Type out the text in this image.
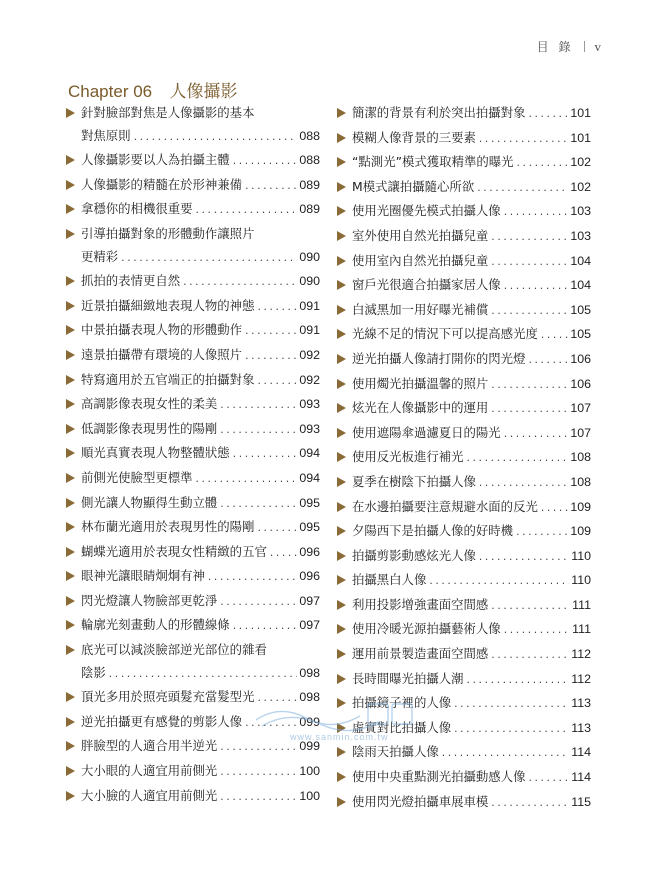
目 錄 v
Chapter 06 人像攝影
針對臉部對焦是人像攝影的基本
對焦原則 .....	088
人像攝影要以人為拍攝主體 .....	088
人像攝影的精髓在於形神兼備 .....	089
拿穩你的相機很重要 .....	089
引導拍攝對象的形體動作讓照片
更精彩 .....	090
抓拍的表情更自然 .....	090
近景拍攝細緻地表現人物的神態 .....	091
中景拍攝表現人物的形體動作 .....	091
遠景拍攝帶有環境的人像照片 .....	092
特寫適用於五官端正的拍攝對象 .....	092
高調影像表現女性的柔美 .....	093
低調影像表現男性的陽剛 .....	093
順光真實表現人物整體狀態 .....	094
前側光使臉型更標準 .....	094
側光讓人物顯得生動立體 .....	095
林布蘭光適用於表現男性的陽剛 .....	095
蝴蝶光適用於表現女性精緻的五官 .....	096
眼神光讓眼睛炯炯有神 .....	096
閃光燈讓人物臉部更乾淨 .....	097
輪廓光刻畫動人的形體線條 .....	097
底光可以減淡臉部逆光部位的雜看
陰影 .....	098
頂光多用於照亮頭髮充當髮型光 .....	098
逆光拍攝更有感覺的剪影人像 .....	099
胖臉型的人適合用半逆光 .....	099
大小眼的人適宜用前側光 .....	100
大小臉的人適宜用前側光 .....	100
簡潔的背景有利於突出拍攝對象 .....	101
模糊人像背景的三要素 .....	101
“點測光”模式獲取精準的曝光 .....	102
M模式讓拍攝隨心所欲 .....	102
使用光圈優先模式拍攝人像 .....	103
室外使用自然光拍攝兒童 .....	103
使用室內自然光拍攝兒童 .....	104
窗戶光很適合拍攝家居人像 .....	104
白滅黑加一用好曝光補償 .....	105
光線不足的情況下可以提高感光度 .....	105
逆光拍攝人像請打開你的閃光燈 .....	106
使用燭光拍攝溫馨的照片 .....	106
炫光在人像攝影中的運用 .....	107
使用遮陽傘過濾夏日的陽光 .....	107
使用反光板進行補光 .....	108
夏季在樹陰下拍攝人像 .....	108
在水邊拍攝要注意規避水面的反光 .....	109
夕陽西下是拍攝人像的好時機 .....	109
拍攝剪影動感炫光人像 .....	110
拍攝黑白人像 .....	110
利用投影增強畫面空間感 .....	111
使用冷暖光源拍攝藝術人像 .....	111
運用前景製造畫面空間感 .....	112
長時間曝光拍攝人潮 .....	112
拍攝鏡子裡的人像 .....	113
虛實對比拍攝人像 .....	113
陰雨天拍攝人像 .....	114
使用中央重點測光拍攝動感人像 .....	114
使用閃光燈拍攝車展車模 .....	115
www.sanmin.com.tw
